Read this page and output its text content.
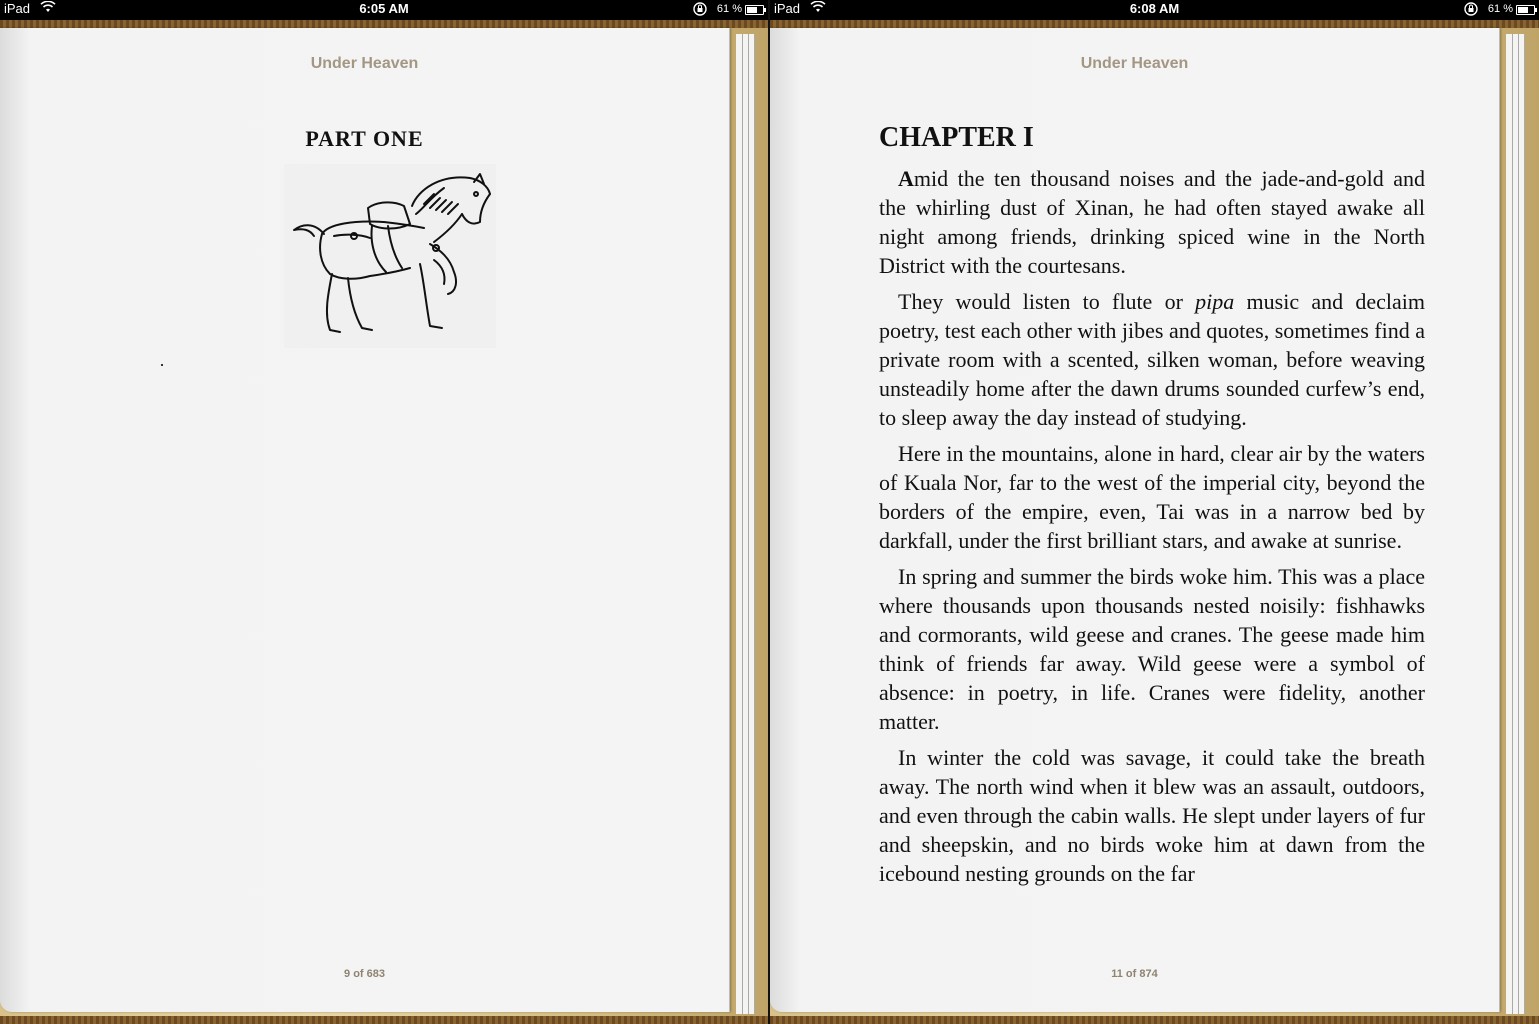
iPad	6:05 AM	61 %
Under Heaven
PART ONE
9 of 683
iPad	6:08 AM	61 %
Under Heaven
CHAPTER I

Amid the ten thousand noises and the jade-and-gold and the whirling dust of Xinan, he had often stayed awake all night among friends, drinking spiced wine in the North District with the courtesans.

They would listen to flute or pipa music and declaim poetry, test each other with jibes and quotes, sometimes find a private room with a scented, silken woman, before weaving unsteadily home after the dawn drums sounded curfew’s end, to sleep away the day instead of studying.

Here in the mountains, alone in hard, clear air by the waters of Kuala Nor, far to the west of the imperial city, beyond the borders of the empire, even, Tai was in a narrow bed by darkfall, under the first brilliant stars, and awake at sunrise.

In spring and summer the birds woke him. This was a place where thousands upon thousands nested noisily: fishhawks and cormorants, wild geese and cranes. The geese made him think of friends far away. Wild geese were a symbol of absence: in poetry, in life. Cranes were fidelity, another matter.

In winter the cold was savage, it could take the breath away. The north wind when it blew was an assault, outdoors, and even through the cabin walls. He slept under layers of fur and sheepskin, and no birds woke him at dawn from the icebound nesting grounds on the far

11 of 874
